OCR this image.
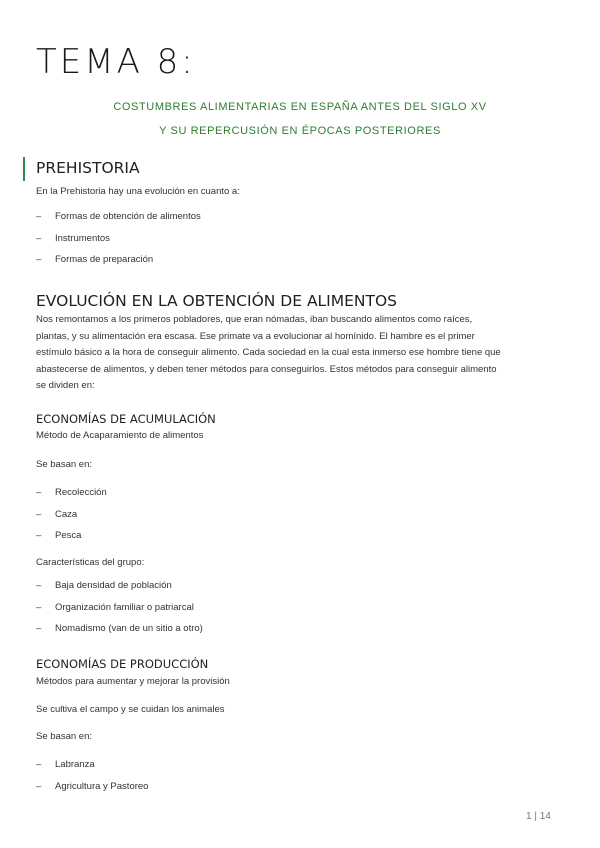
TEMA 8:

COSTUMBRES ALIMENTARIAS EN ESPAÑA ANTES DEL SIGLO XV

Y SU REPERCUSIÓN EN ÉPOCAS POSTERIORES

PREHISTORIA

En la Prehistoria hay una evolución en cuanto a:

– Formas de obtención de alimentos
– Instrumentos
– Formas de preparación
EVOLUCIÓN EN LA OBTENCIÓN DE ALIMENTOS

Nos remontamos a los primeros pobladores, que eran nómadas, iban buscando alimentos como raíces, plantas, y su alimentación era escasa. Ese primate va a evolucionar al homínido. El hambre es el primer estímulo básico a la hora de conseguir alimento. Cada sociedad en la cual esta inmerso ese hombre tiene que abastecerse de alimentos, y deben tener métodos para conseguirlos. Estos métodos para conseguir alimento se dividen en:

ECONOMÍAS DE ACUMULACIÓN

Método de Acaparamiento de alimentos

Se basan en:

– Recolección
– Caza
– Pesca

Características del grupo:

– Baja densidad de población
– Organización familiar o patriarcal
– Nomadismo (van de un sitio a otro)
ECONOMÍAS DE PRODUCCIÓN

Métodos para aumentar y mejorar la provisión

Se cultiva el campo y se cuidan los animales

Se basan en:

– Labranza
– Agricultura y Pastoreo
1 | 14
